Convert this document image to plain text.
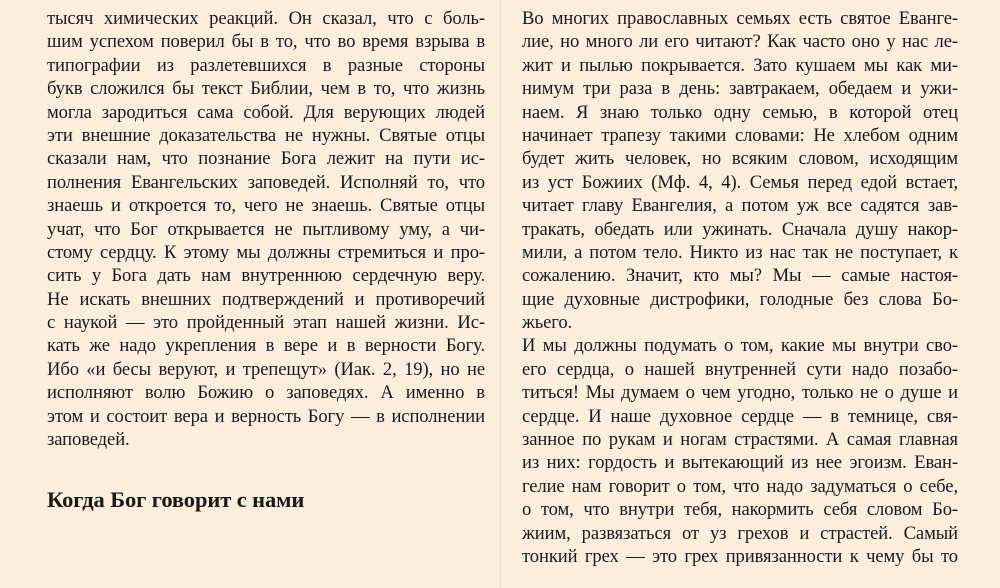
тысяч химических реакций. Он сказал, что с боль-
шим успехом поверил бы в то, что во время взрыва в
типографии из разлетевшихся в разные стороны
букв сложился бы текст Библии, чем в то, что жизнь
могла зародиться сама собой. Для верующих людей
эти внешние доказательства не нужны. Святые отцы
сказали нам, что познание Бога лежит на пути ис-
полнения Евангельских заповедей. Исполняй то, что
знаешь и откроется то, чего не знаешь. Святые отцы
учат, что Бог открывается не пытливому уму, а чи-
стому сердцу. К этому мы должны стремиться и про-
сить у Бога дать нам внутреннюю сердечную веру.
Не искать внешних подтверждений и противоречий
с наукой — это пройденный этап нашей жизни. Ис-
кать же надо укрепления в вере и в верности Богу.
Ибо «и бесы веруют, и трепещут» (Иак. 2, 19), но не
исполняют волю Божию о заповедях. А именно в
этом и состоит вера и верность Богу — в исполнении
заповедей.
Когда Бог говорит с нами
Во многих православных семьях есть святое Еванге-
лие, но много ли его читают? Как часто оно у нас ле-
жит и пылью покрывается. Зато кушаем мы как ми-
нимум три раза в день: завтракаем, обедаем и ужи-
наем. Я знаю только одну семью, в которой отец
начинает трапезу такими словами: Не хлебом одним
будет жить человек, но всяким словом, исходящим
из уст Божиих (Мф. 4, 4). Семья перед едой встает,
читает главу Евангелия, а потом уж все садятся зав-
тракать, обедать или ужинать. Сначала душу накор-
мили, а потом тело. Никто из нас так не поступает, к
сожалению. Значит, кто мы? Мы — самые настоя-
щие духовные дистрофики, голодные без слова Бо-
жьего.
И мы должны подумать о том, какие мы внутри сво-
его сердца, о нашей внутренней сути надо позабо-
титься! Мы думаем о чем угодно, только не о душе и
сердце. И наше духовное сердце — в темнице, свя-
занное по рукам и ногам страстями. А самая главная
из них: гордость и вытекающий из нее эгоизм. Еван-
гелие нам говорит о том, что надо задуматься о себе,
о том, что внутри тебя, накормить себя словом Бо-
жиим, развязаться от уз грехов и страстей. Самый
тонкий грех — это грех привязанности к чему бы то
